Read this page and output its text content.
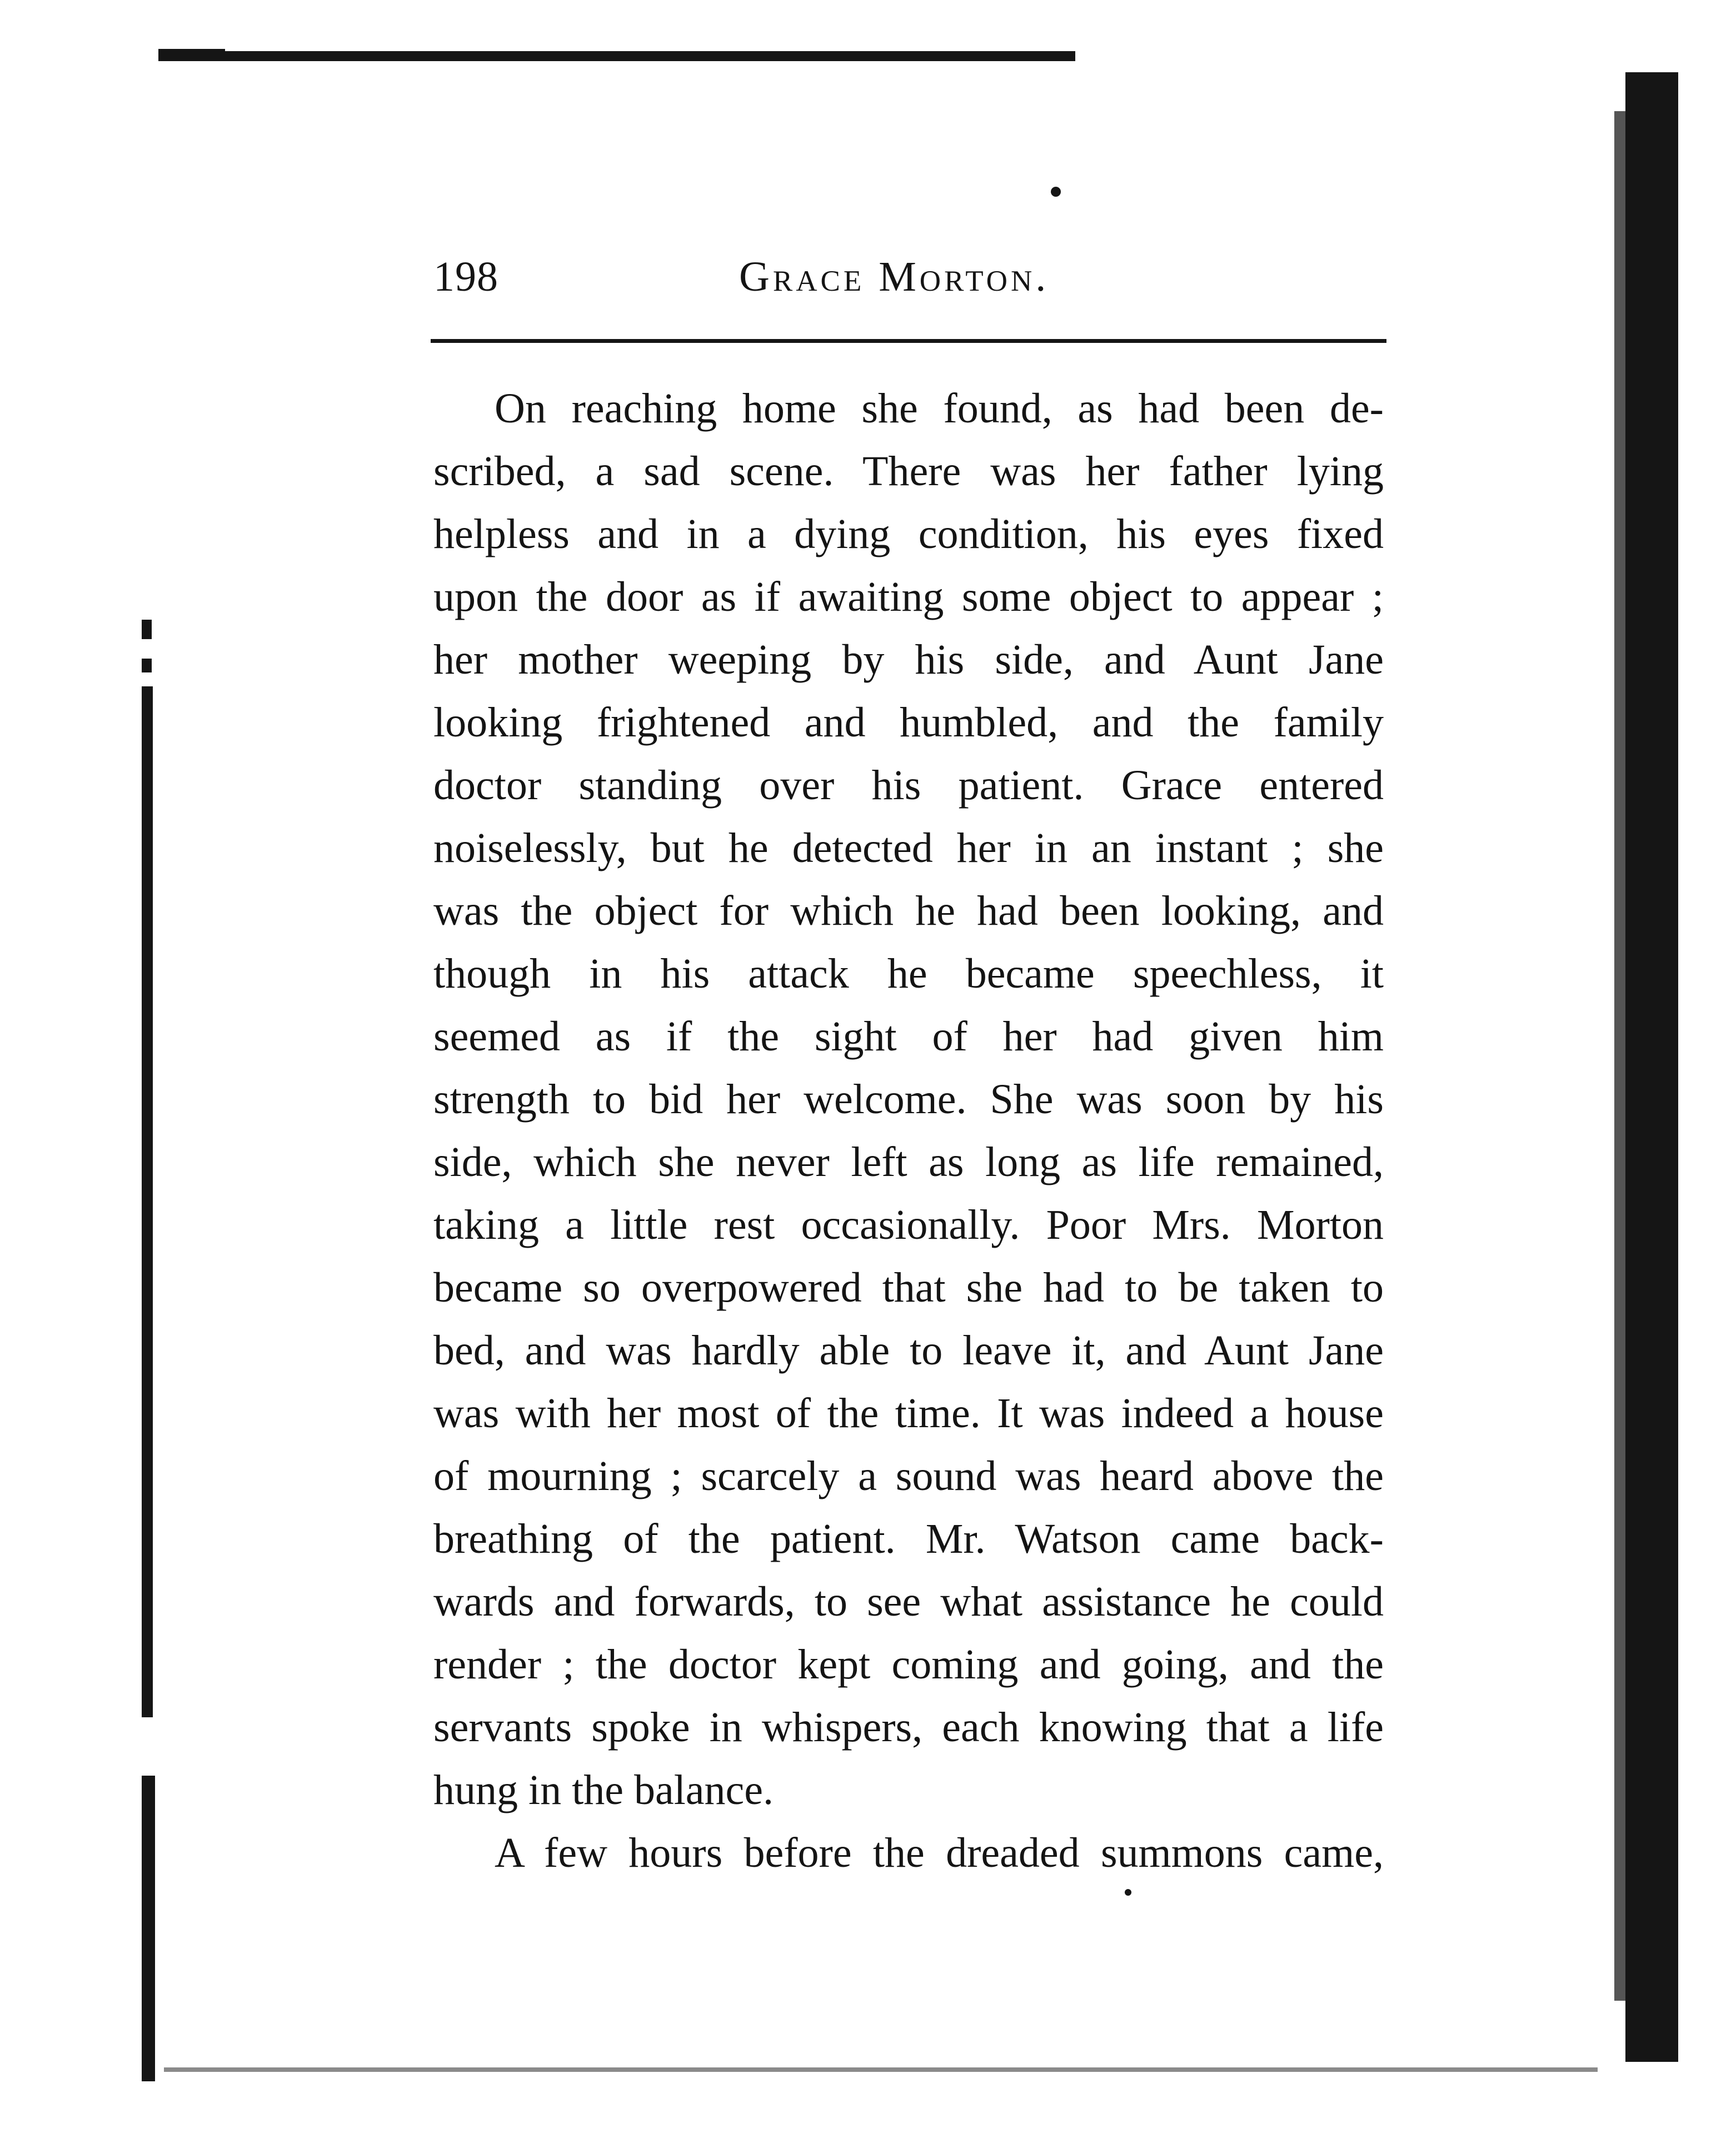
198	Grace Morton.
On reaching home she found, as had been de-
scribed, a sad scene. There was her father lying
helpless and in a dying condition, his eyes fixed
upon the door as if awaiting some object to appear ;
her mother weeping by his side, and Aunt Jane
looking frightened and humbled, and the family
doctor standing over his patient. Grace entered
noiselessly, but he detected her in an instant ; she
was the object for which he had been looking, and
though in his attack he became speechless, it
seemed as if the sight of her had given him
strength to bid her welcome. She was soon by his
side, which she never left as long as life remained,
taking a little rest occasionally. Poor Mrs. Morton
became so overpowered that she had to be taken to
bed, and was hardly able to leave it, and Aunt Jane
was with her most of the time. It was indeed a house
of mourning ; scarcely a sound was heard above the
breathing of the patient. Mr. Watson came back-
wards and forwards, to see what assistance he could
render ; the doctor kept coming and going, and the
servants spoke in whispers, each knowing that a life
hung in the balance.
A few hours before the dreaded summons came,
